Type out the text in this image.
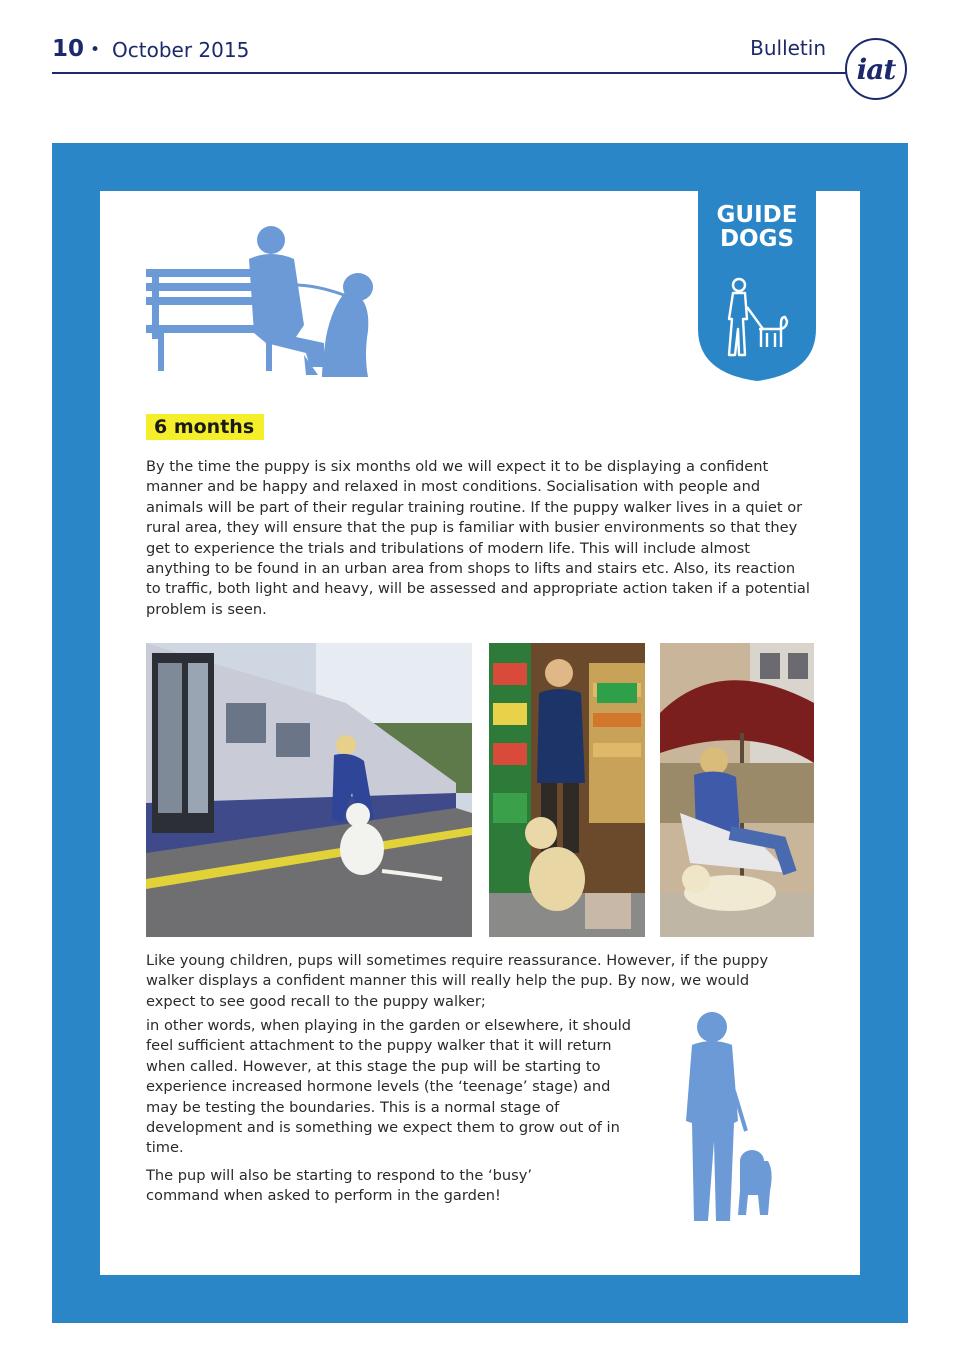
10 • October 2015	Bulletin
iat
GUIDE
DOGS
6 months

By the time the puppy is six months old we will expect it to be displaying a confident manner and be happy and relaxed in most conditions. Socialisation with people and animals will be part of their regular training routine. If the puppy walker lives in a quiet or rural area, they will ensure that the pup is familiar with busier environments so that they get to experience the trials and tribulations of modern life. This will include almost anything to be found in an urban area from shops to lifts and stairs etc. Also, its reaction to traffic, both light and heavy, will be assessed and appropriate action taken if a potential problem is seen.

Like young children, pups will sometimes require reassurance. However, if the puppy walker displays a confident manner this will really help the pup. By now, we would expect to see good recall to the puppy walker;

in other words, when playing in the garden or elsewhere, it should feel sufficient attachment to the puppy walker that it will return when called. However, at this stage the pup will be starting to experience increased hormone levels (the ‘teenage’ stage) and may be testing the boundaries. This is a normal stage of development and is something we expect them to grow out of in time.

The pup will also be starting to respond to the ‘busy’ command when asked to perform in the garden!
